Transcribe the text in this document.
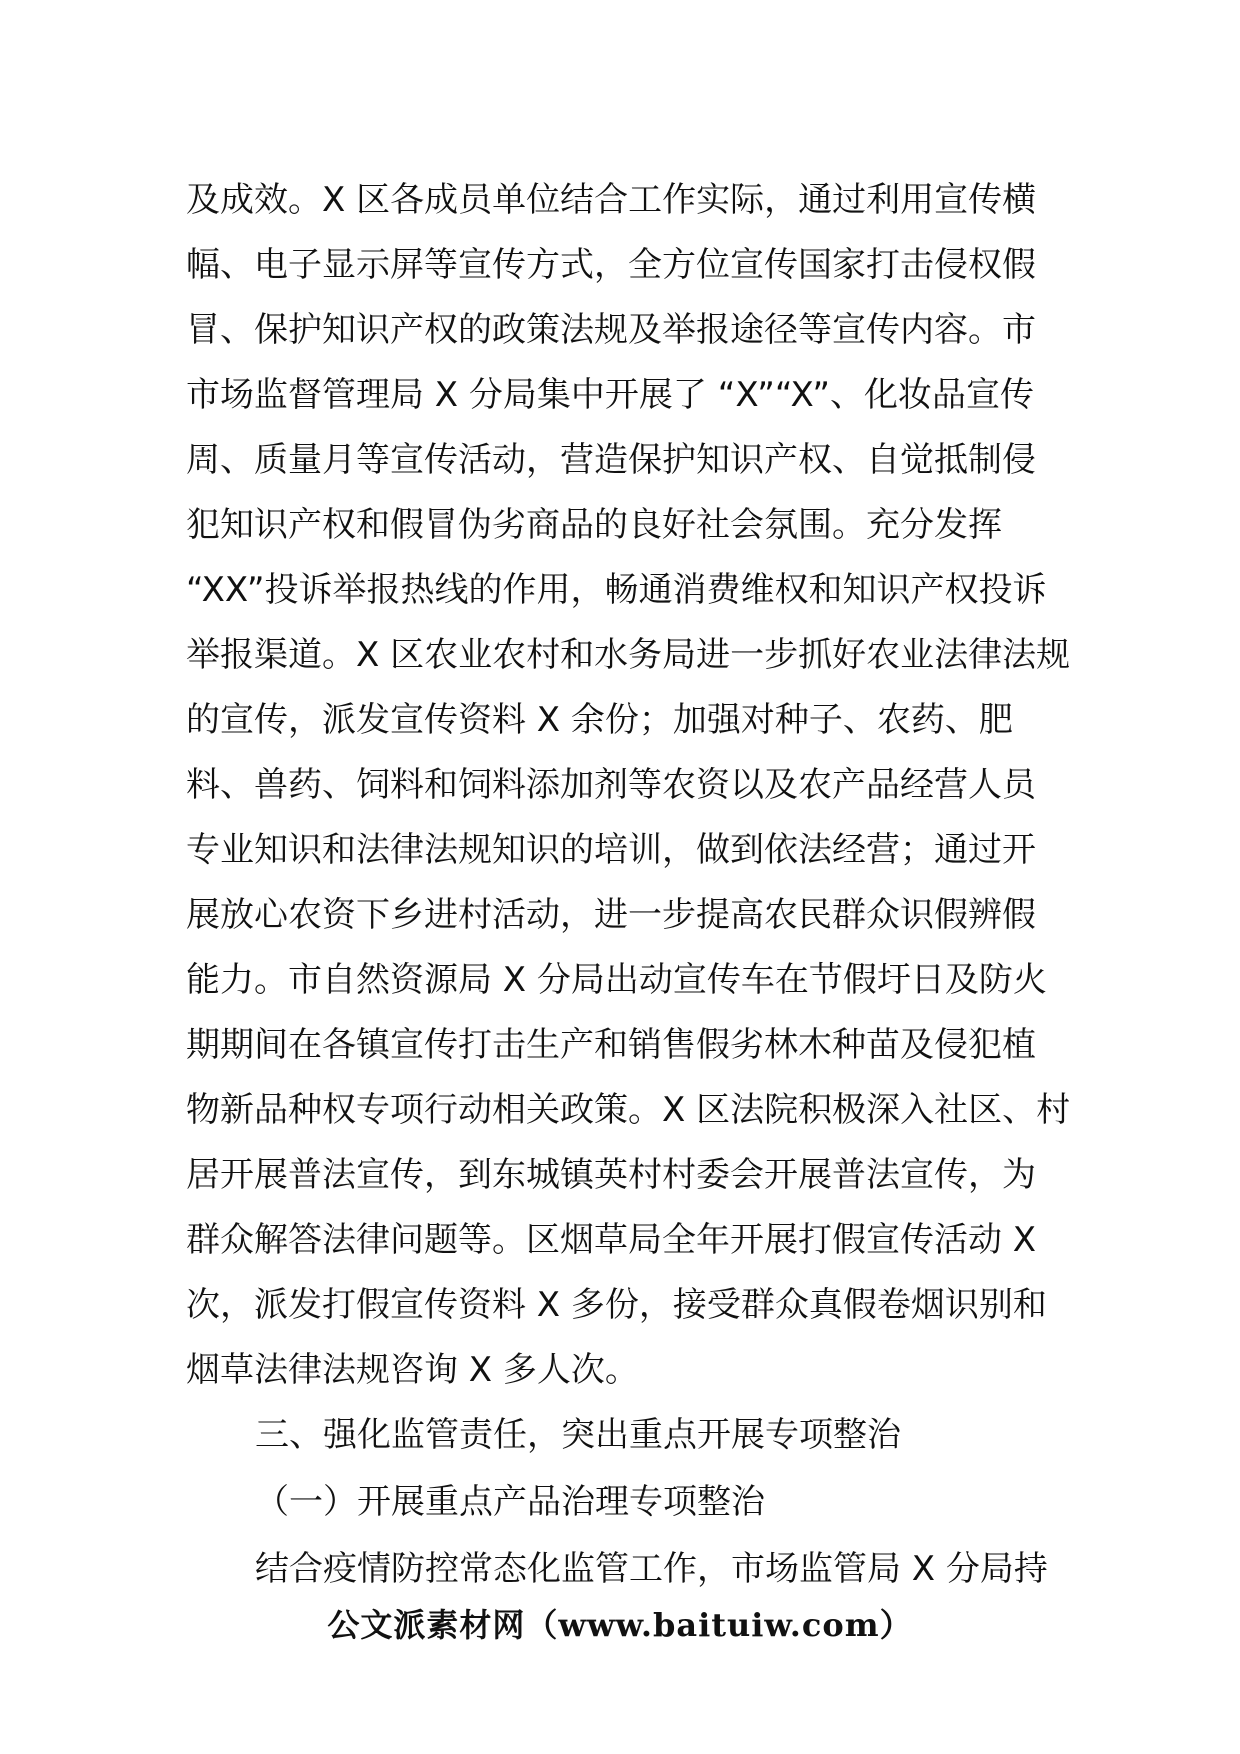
及成效。X 区各成员单位结合工作实际，通过利用宣传横
幅、电子显示屏等宣传方式，全方位宣传国家打击侵权假
冒、保护知识产权的政策法规及举报途径等宣传内容。市
市场监督管理局 X 分局集中开展了 “X”“X”、化妆品宣传
周、质量月等宣传活动，营造保护知识产权、自觉抵制侵
犯知识产权和假冒伪劣商品的良好社会氛围。充分发挥
“XX”投诉举报热线的作用，畅通消费维权和知识产权投诉
举报渠道。X 区农业农村和水务局进一步抓好农业法律法规
的宣传，派发宣传资料 X 余份；加强对种子、农药、肥
料、兽药、饲料和饲料添加剂等农资以及农产品经营人员
专业知识和法律法规知识的培训，做到依法经营；通过开
展放心农资下乡进村活动，进一步提高农民群众识假辨假
能力。市自然资源局 X 分局出动宣传车在节假圩日及防火
期期间在各镇宣传打击生产和销售假劣林木种苗及侵犯植
物新品种权专项行动相关政策。X 区法院积极深入社区、村
居开展普法宣传，到东城镇英村村委会开展普法宣传，为
群众解答法律问题等。区烟草局全年开展打假宣传活动 X
次，派发打假宣传资料 X 多份，接受群众真假卷烟识别和
烟草法律法规咨询 X 多人次。
三、强化监管责任，突出重点开展专项整治
（一）开展重点产品治理专项整治
结合疫情防控常态化监管工作，市场监管局 X 分局持
公文派素材网（www.baituiw.com）
